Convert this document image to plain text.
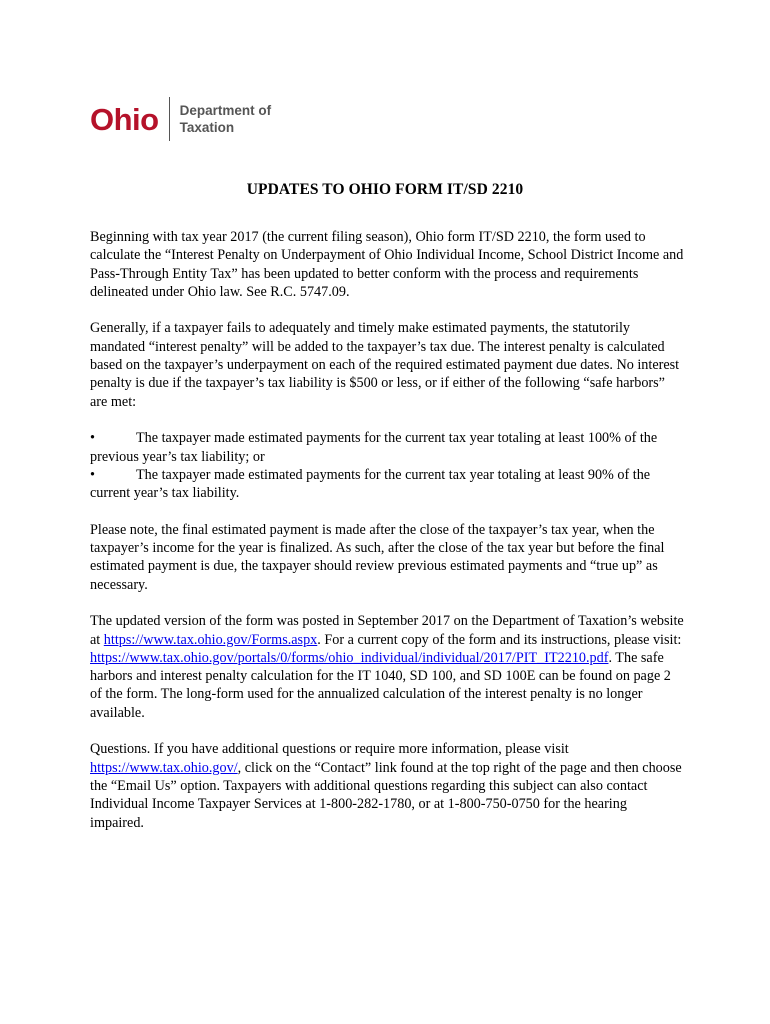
Ohio Department of
Taxation
UPDATES TO OHIO FORM IT/SD 2210

Beginning with tax year 2017 (the current filing season), Ohio form IT/SD 2210, the form used to calculate the “Interest Penalty on Underpayment of Ohio Individual Income, School District Income and Pass-Through Entity Tax” has been updated to better conform with the process and requirements delineated under Ohio law. See R.C. 5747.09.

Generally, if a taxpayer fails to adequately and timely make estimated payments, the statutorily mandated “interest penalty” will be added to the taxpayer’s tax due. The interest penalty is calculated based on the taxpayer’s underpayment on each of the required estimated payment due dates. No interest penalty is due if the taxpayer’s tax liability is $500 or less, or if either of the following “safe harbors” are met:

•	The taxpayer made estimated payments for the current tax year totaling at least 100% of the previous year’s tax liability; or
•	The taxpayer made estimated payments for the current tax year totaling at least 90% of the current year’s tax liability.

Please note, the final estimated payment is made after the close of the taxpayer’s tax year, when the taxpayer’s income for the year is finalized. As such, after the close of the tax year but before the final estimated payment is due, the taxpayer should review previous estimated payments and “true up” as necessary.

The updated version of the form was posted in September 2017 on the Department of Taxation’s website at https://www.tax.ohio.gov/Forms.aspx. For a current copy of the form and its instructions, please visit: https://www.tax.ohio.gov/portals/0/forms/ohio_individual/individual/2017/PIT_IT2210.pdf. The safe harbors and interest penalty calculation for the IT 1040, SD 100, and SD 100E can be found on page 2 of the form. The long-form used for the annualized calculation of the interest penalty is no longer available.

Questions. If you have additional questions or require more information, please visit https://www.tax.ohio.gov/, click on the “Contact” link found at the top right of the page and then choose the “Email Us” option. Taxpayers with additional questions regarding this subject can also contact Individual Income Taxpayer Services at 1-800-282-1780, or at 1-800-750-0750 for the hearing impaired.
